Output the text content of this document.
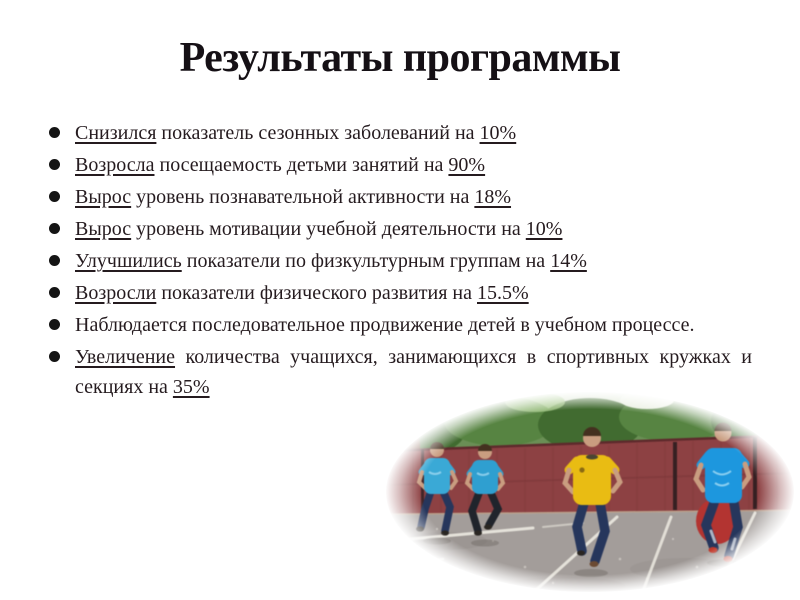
Результаты программы
Снизился показатель сезонных заболеваний на 10%
Возросла посещаемость детьми занятий на 90%
Вырос уровень познавательной активности на 18%
Вырос уровень мотивации учебной деятельности на 10%
Улучшились показатели по физкультурным группам на 14%
Возросли показатели физического развития на 15.5%
Наблюдается последовательное продвижение детей в учебном процессе.
Увеличение количества учащихся, занимающихся в спортивных кружках и секциях на 35%
